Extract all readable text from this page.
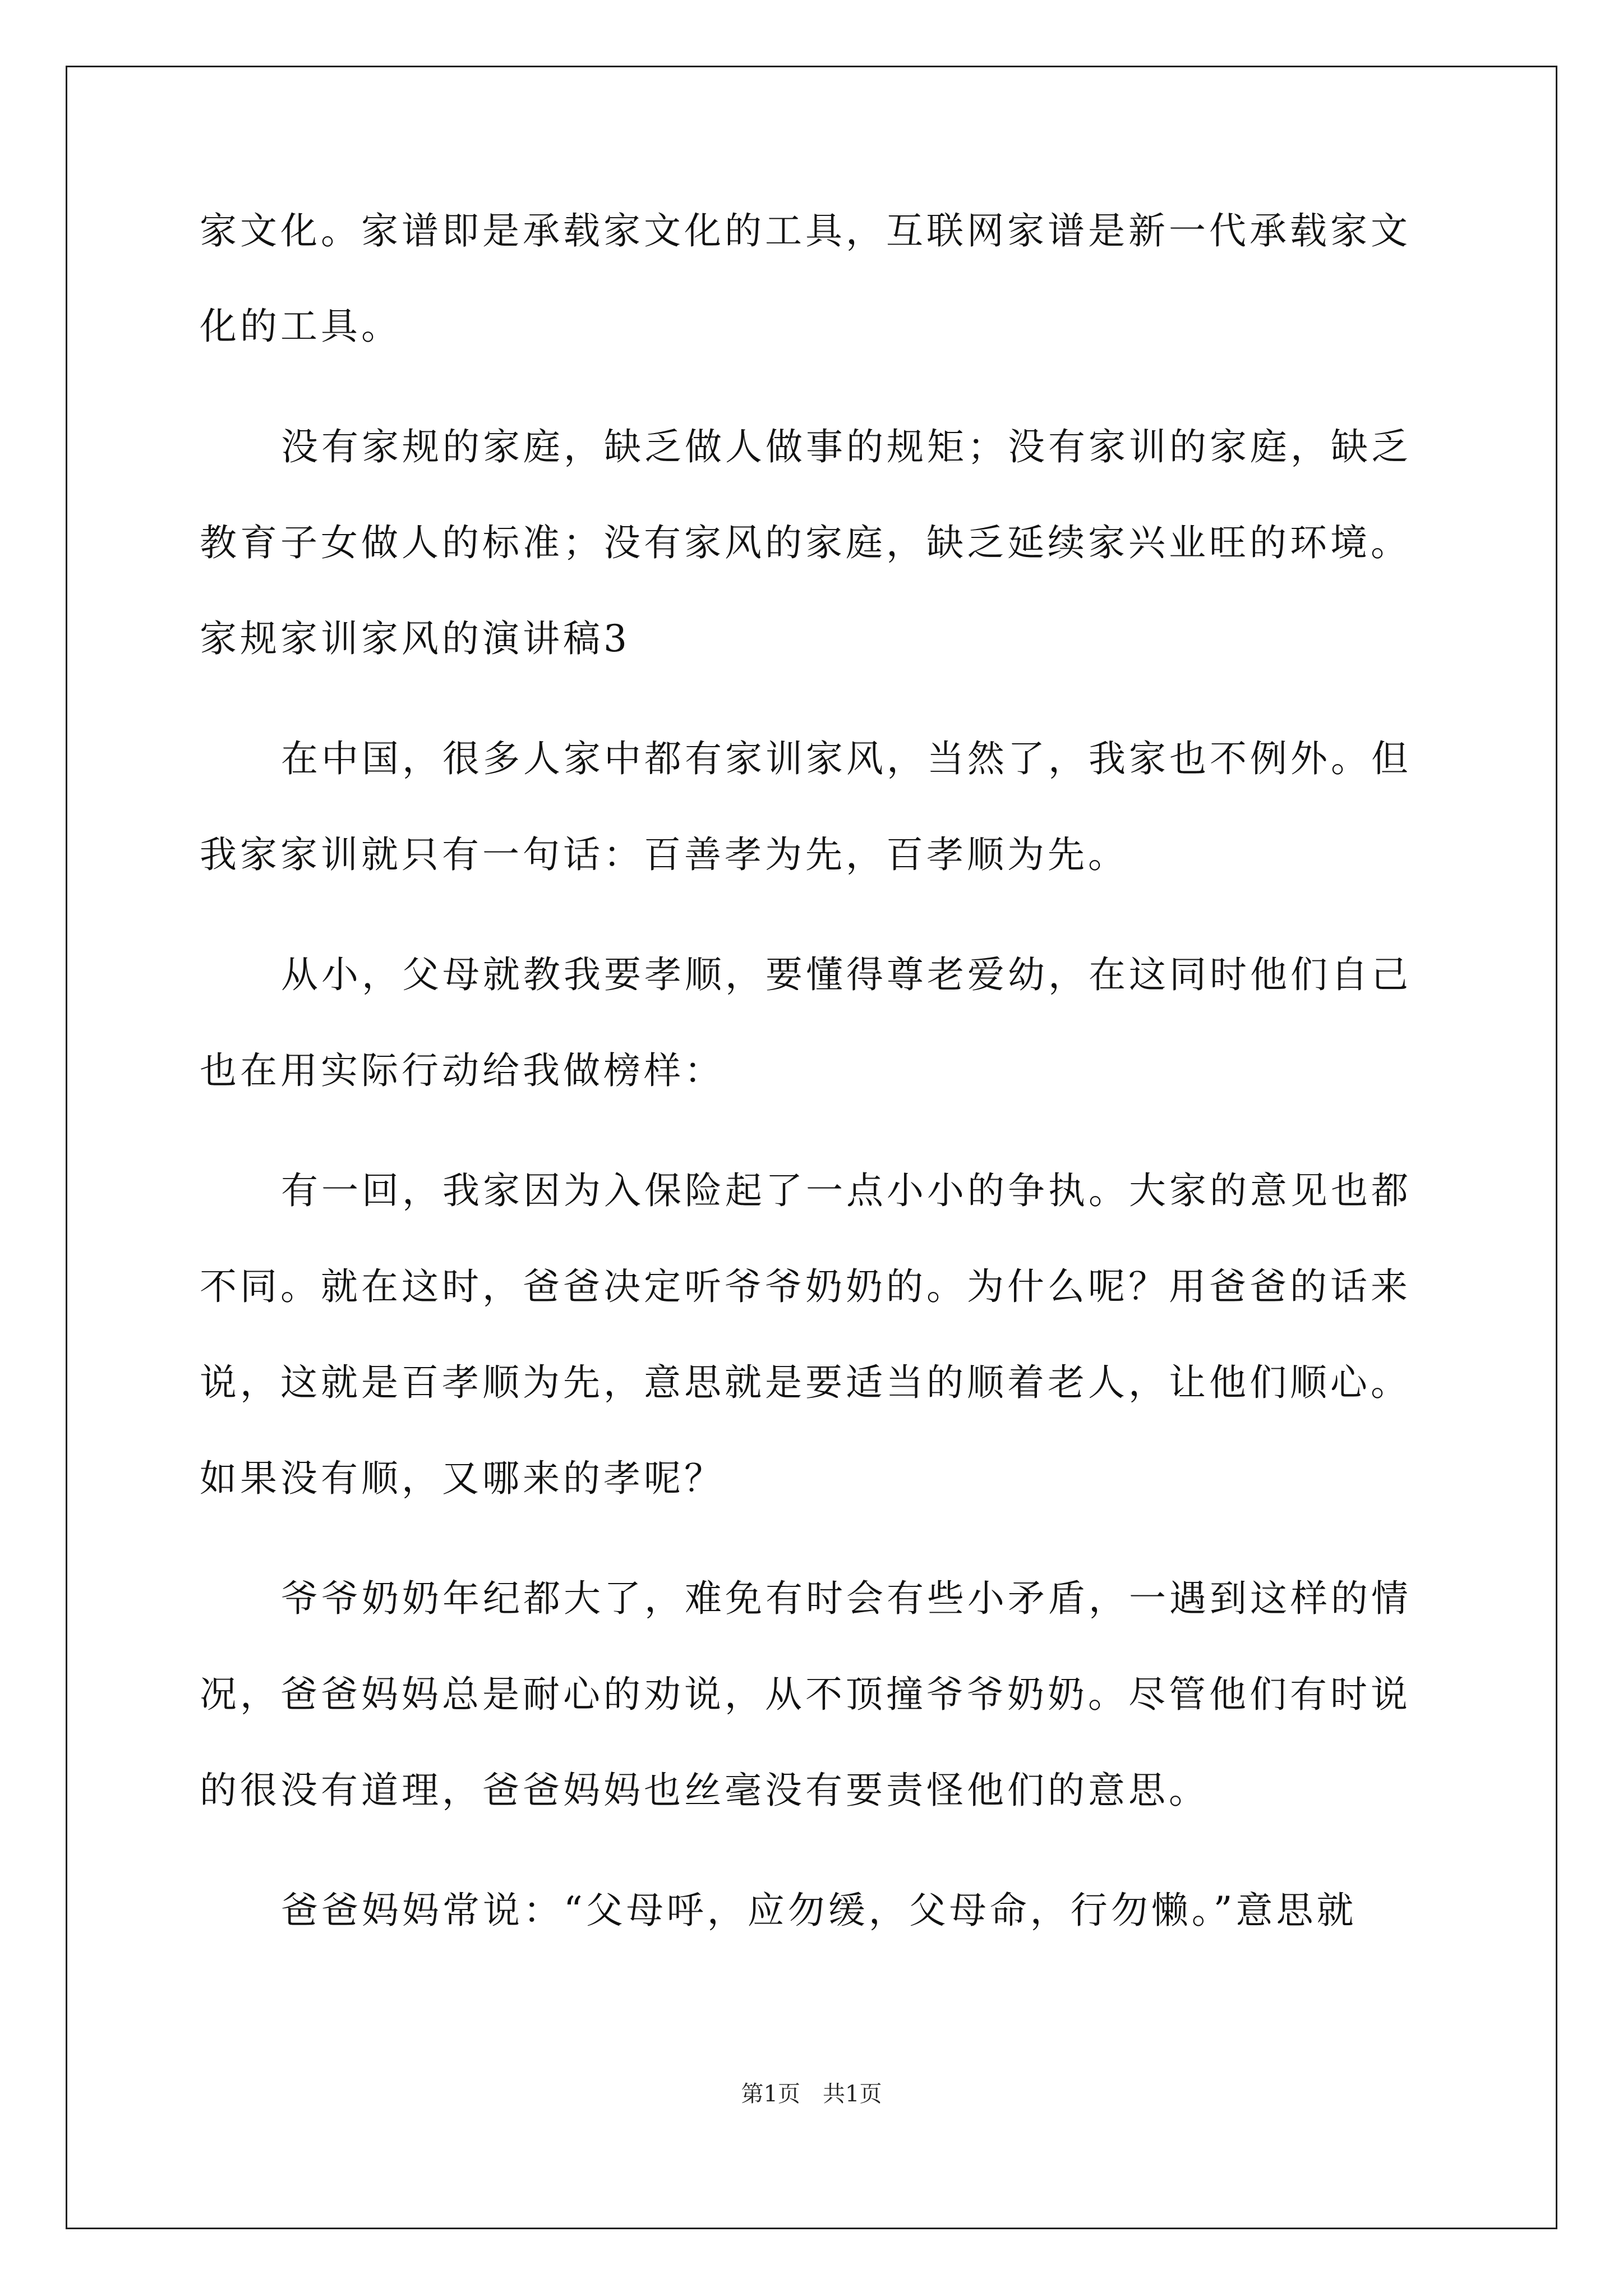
家文化。家谱即是承载家文化的工具，互联网家谱是新一代承载家文
化的工具。
没有家规的家庭，缺乏做人做事的规矩；没有家训的家庭，缺乏
教育子女做人的标准；没有家风的家庭，缺乏延续家兴业旺的环境。
家规家训家风的演讲稿3
在中国，很多人家中都有家训家风，当然了，我家也不例外。但
我家家训就只有一句话：百善孝为先，百孝顺为先。
从小，父母就教我要孝顺，要懂得尊老爱幼，在这同时他们自己
也在用实际行动给我做榜样：
有一回，我家因为入保险起了一点小小的争执。大家的意见也都
不同。就在这时，爸爸决定听爷爷奶奶的。为什么呢？用爸爸的话来
说，这就是百孝顺为先，意思就是要适当的顺着老人，让他们顺心。
如果没有顺，又哪来的孝呢？
爷爷奶奶年纪都大了，难免有时会有些小矛盾，一遇到这样的情
况，爸爸妈妈总是耐心的劝说，从不顶撞爷爷奶奶。尽管他们有时说
的很没有道理，爸爸妈妈也丝毫没有要责怪他们的意思。
爸爸妈妈常说：“父母呼，应勿缓，父母命，行勿懒。”意思就
第1页　共1页
